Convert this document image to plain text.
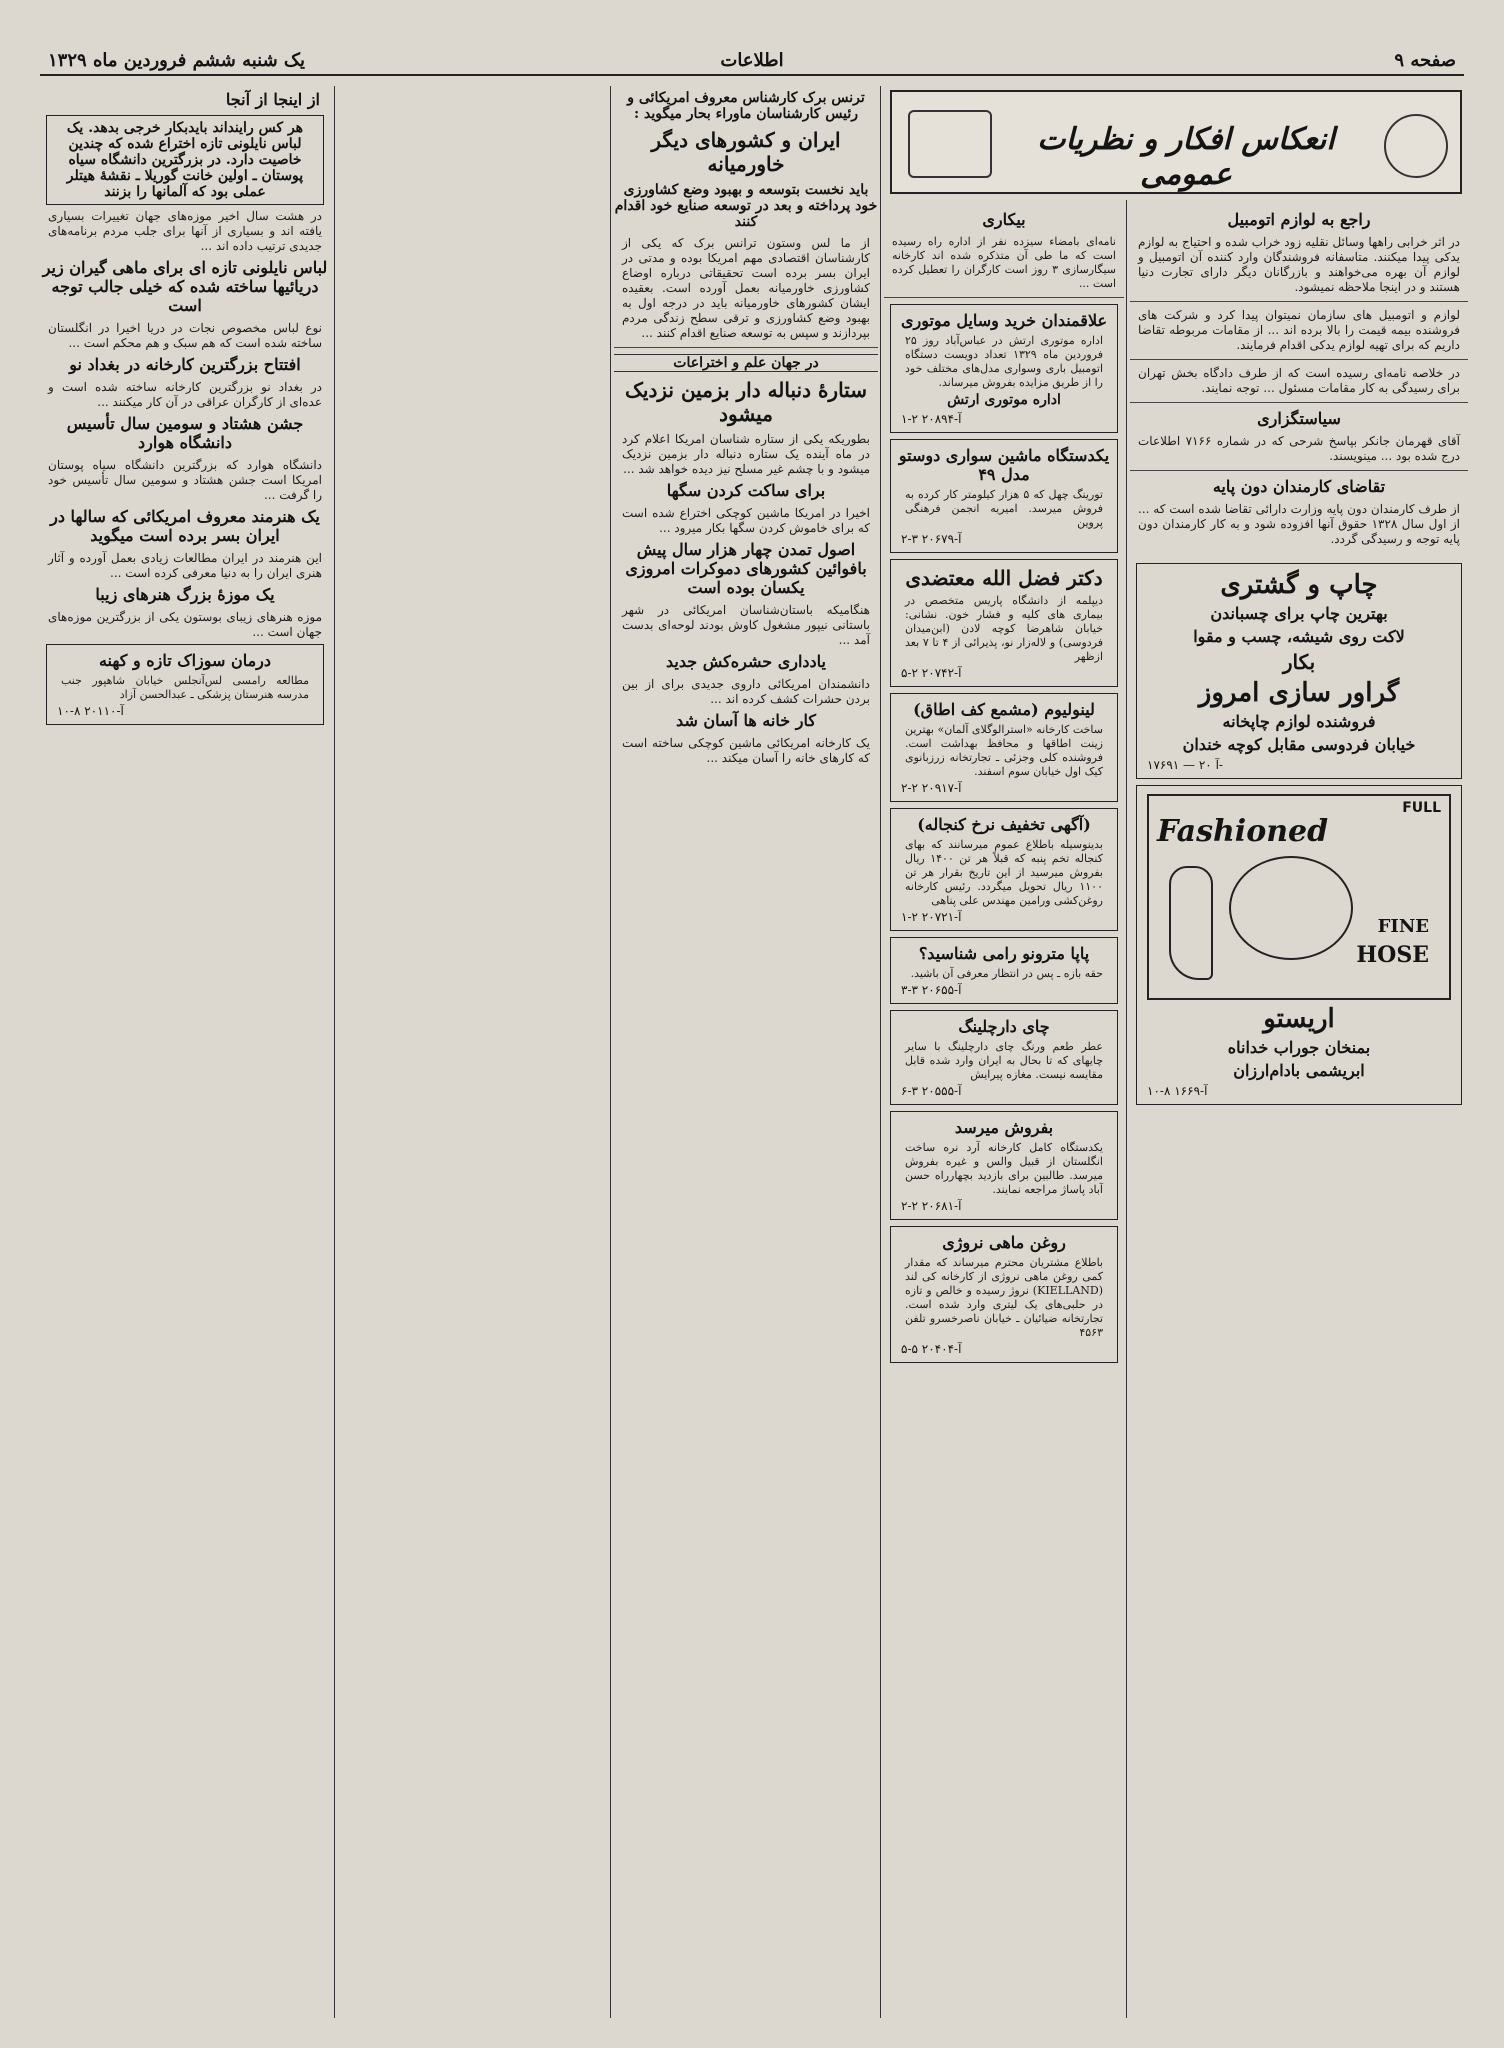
یک شنبه ششم فروردین ماه ۱۳۲۹	اطلاعات	صفحه ۹
انعکاس افکار و نظریات عمومی
راجع به لوازم اتومبیل
در اثر خرابی راهها وسائل نقلیه زود خراب شده و احتیاج به لوازم یدکی پیدا میکنند. متاسفانه فروشندگان وارد کننده آن اتومبیل و لوازم آن بهره می‌خواهند و بازرگانان دیگر دارای تجارت دنیا هستند و در اینجا ملاحظه نمیشود.
لوازم و اتومبیل های سازمان نمیتوان پیدا کرد و شرکت های فروشنده بیمه قیمت را بالا برده اند ... از مقامات مربوطه تقاضا داریم که برای تهیه لوازم یدکی اقدام فرمایند.
در خلاصه نامه‌ای رسیده است که از طرف دادگاه بخش تهران برای رسیدگی به کار مقامات مسئول ... توجه نمایند.
سیاستگزاری
آقای قهرمان جانکر بپاسخ شرحی که در شماره ۷۱۶۶ اطلاعات درج شده بود ... مینویسند.
تقاضای کارمندان دون پایه
از طرف کارمندان دون پایه وزارت دارائی تقاضا شده است که ... از اول سال ۱۳۲۸ حقوق آنها افزوده شود و به کار کارمندان دون پایه توجه و رسیدگی گردد.
چاپ و گشتری
بهترین چاپ برای چسباندن
لاکت روی شیشه، چسب و مقوا
بکار
گراور سازی امروز
فروشنده لوازم چاپخانه
خیابان فردوسی مقابل کوچه خندان
۱۷۶۹۱ — آ ۲۰-
FULL
Fashioned
FINE
HOSE
اریستو
بمنخان جوراب خداناه
ابریشمی بادام‌ارزان
آ-۱۶۶۹ ۸-۱۰
بیکاری
نامه‌ای بامضاء سیزده نفر از اداره راه رسیده است که ما طی آن متذکره شده اند کارخانه سیگارسازی ۳ روز است کارگران را تعطیل کرده است ...
علاقمندان خرید وسایل موتوری
اداره موتوری ارتش در عباس‌آباد روز ۲۵ فروردین ماه ۱۳۲۹ تعداد دویست دستگاه اتومبیل باری وسواری مدل‌های مختلف خود را از طریق مزایده بفروش میرساند.
اداره موتوری ارتش
آ-۲۰۸۹۴ ۲-۱
یکدستگاه ماشین سواری دوستو مدل ۴۹
تورینگ چهل که ۵ هزار کیلومتر کار کرده به فروش میرسد. امیریه انجمن فرهنگی پروین
آ-۲۰۶۷۹ ۳-۲
دکتر فضل الله معتضدی
دیپلمه از دانشگاه پاریس متخصص در بیماری های کلیه و فشار خون. نشانی: خیابان شاهرضا کوچه لادن (ابن‌میدان فردوسی) و لاله‌زار نو، پذیرائی از ۴ تا ۷ بعد ازظهر
آ-۲۰۷۴۲ ۲-۵
لینولیوم (مشمع کف اطاق)
ساخت کارخانه «استرالوگلای آلمان» بهترین زینت اطاقها و محافظ بهداشت است. فروشنده کلی وجزئی ـ تجارتخانه زرزبانوی کیک اول خیابان سوم اسفند.
آ-۲۰۹۱۷ ۲-۲
(آگهی تخفیف نرخ کنجاله)
بدینوسیله باطلاع عموم میرسانند که بهای کنجاله تخم پنبه که قبلاً هر تن ۱۴۰۰ ریال بفروش میرسید از این تاریخ بقرار هر تن ۱۱۰۰ ریال تحویل میگردد. رئیس کارخانه روغن‌کشی ورامین مهندس علی پناهی
آ-۲۰۷۲۱ ۲-۱
پاپا مترونو رامی شناسید؟
حقه بازه ـ پس در انتظار معرفی آن باشید.
آ-۲۰۶۵۵ ۳-۳
چای دارچلینگ
عطر طعم ورنگ چای دارچلینگ با سایر چایهای که تا بحال به ایران وارد شده قابل مقایسه نیست. مغازه پیرایش
آ-۲۰۵۵۵ ۳-۶
بفروش میرسد
یکدستگاه کامل کارخانه آرد نره ساخت انگلستان از قبیل والس و غیره بفروش میرسد. طالبین برای بازدید بچهارراه حسن آباد پاساژ مراجعه نمایند.
آ-۲۰۶۸۱ ۲-۲
روغن ماهی نروژی
باطلاع مشتریان محترم میرساند که مقدار کمی روغن ماهی نروژی از کارخانه کی لند (KIELLAND) نروژ رسیده و خالص و تازه در حلبی‌های یک لیتری وارد شده است. تجارتخانه ضیائیان ـ خیابان ناصرخسرو تلفن ۴۵۶۳
آ-۲۰۴۰۴ ۵-۵
ترنس برک کارشناس معروف امریکائی و رئیس کارشناسان ماوراء بحار میگوید :
ایران و کشورهای دیگر خاورمیانه
باید نخست بتوسعه و بهبود وضع کشاورزی خود پرداخته و بعد در توسعه صنایع خود اقدام کنند
از ما لس وستون ترانس برک که یکی از کارشناسان اقتصادی مهم امریکا بوده و مدتی در ایران بسر برده است تحقیقاتی درباره اوضاع کشاورزی خاورمیانه بعمل آورده است. بعقیده ایشان کشورهای خاورمیانه باید در درجه اول به بهبود وضع کشاورزی و ترقی سطح زندگی مردم بپردازند و سپس به توسعه صنایع اقدام کنند ...
در جهان علم و اختراعات
ستارهٔ دنباله دار بزمین نزدیک میشود
بطوریکه یکی از ستاره شناسان امریکا اعلام کرد در ماه آینده یک ستاره دنباله دار بزمین نزدیک میشود و با چشم غیر مسلح نیز دیده خواهد شد ...
برای ساکت کردن سگها
اخیرا در امریکا ماشین کوچکی اختراع شده است که برای خاموش کردن سگها بکار میرود ...
اصول تمدن چهار هزار سال پیش بافوائین کشورهای دموکرات امروزی یکسان بوده است
هنگامیکه باستان‌شناسان امریکائی در شهر باستانی نیپور مشغول کاوش بودند لوحه‌ای بدست آمد ...
یادداری حشره‌کش جدید
دانشمندان امریکائی داروی جدیدی برای از بین بردن حشرات کشف کرده اند ...
کار خانه ها آسان شد
یک کارخانه امریکائی ماشین کوچکی ساخته است که کارهای خانه را آسان میکند ...
از اینجا از آنجا
هر کس راینداند بایدبکار خرجی بدهد. یک لباس نایلونی تازه اختراع شده که چندین خاصیت دارد. در بزرگترین دانشگاه سیاه پوستان ـ اولین خانت گوریلا ـ نقشهٔ هیتلر عملی بود که آلمانها را بزنند
در هشت سال اخیر موزه‌های جهان تغییرات بسیاری یافته اند و بسیاری از آنها برای جلب مردم برنامه‌های جدیدی ترتیب داده اند ...
لباس نایلونی تازه ای برای ماهی گیران زیر دریائیها ساخته شده که خیلی جالب توجه است
نوع لباس مخصوص نجات در دریا اخیرا در انگلستان ساخته شده است که هم سبک و هم محکم است ...
افتتاح بزرگترین کارخانه در بغداد نو
در بغداد نو بزرگترین کارخانه ساخته شده است و عده‌ای از کارگران عراقی در آن کار میکنند ...
جشن هشتاد و سومین سال تأسیس دانشگاه هوارد
دانشگاه هوارد که بزرگترین دانشگاه سیاه پوستان امریکا است جشن هشتاد و سومین سال تأسیس خود را گرفت ...
یک هنرمند معروف امریکائی که سالها در ایران بسر برده است میگوید
این هنرمند در ایران مطالعات زیادی بعمل آورده و آثار هنری ایران را به دنیا معرفی کرده است ...
یک موزهٔ بزرگ هنرهای زیبا
موزه هنرهای زیبای بوستون یکی از بزرگترین موزه‌های جهان است ...
درمان سوزاک تازه و کهنه
مطالعه رامسی لس‌آنجلس خیابان شاهپور جنب مدرسه هنرستان پزشکی ـ عبدالحسن آزاد
آ-۲۰۱۱۰ ۸-۱۰
